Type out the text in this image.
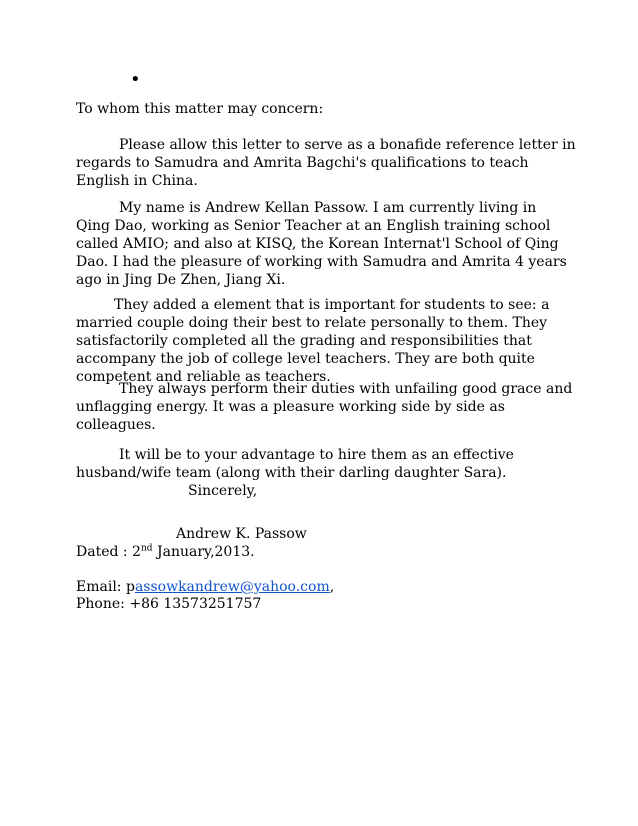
•
To whom this matter may concern:
Please allow this letter to serve as a bonafide reference letter in
regards to Samudra and Amrita Bagchi's qualifications to teach
English in China.
My name is Andrew Kellan Passow. I am currently living in
Qing Dao, working as Senior Teacher at an English training school
called AMIO; and also at KISQ, the Korean Internat'l School of Qing
Dao. I had the pleasure of working with Samudra and Amrita 4 years
ago in Jing De Zhen, Jiang Xi.
They added a element that is important for students to see: a
married couple doing their best to relate personally to them. They
satisfactorily completed all the grading and responsibilities that
accompany the job of college level teachers. They are both quite
competent and reliable as teachers.
They always perform their duties with unfailing good grace and
unflagging energy. It was a pleasure working side by side as
colleagues.
It will be to your advantage to hire them as an effective
husband/wife team (along with their darling daughter Sara).
Sincerely,
Andrew K. Passow
Dated : 2nd January,2013.
Email: passowkandrew@yahoo.com,
Phone: +86 13573251757
